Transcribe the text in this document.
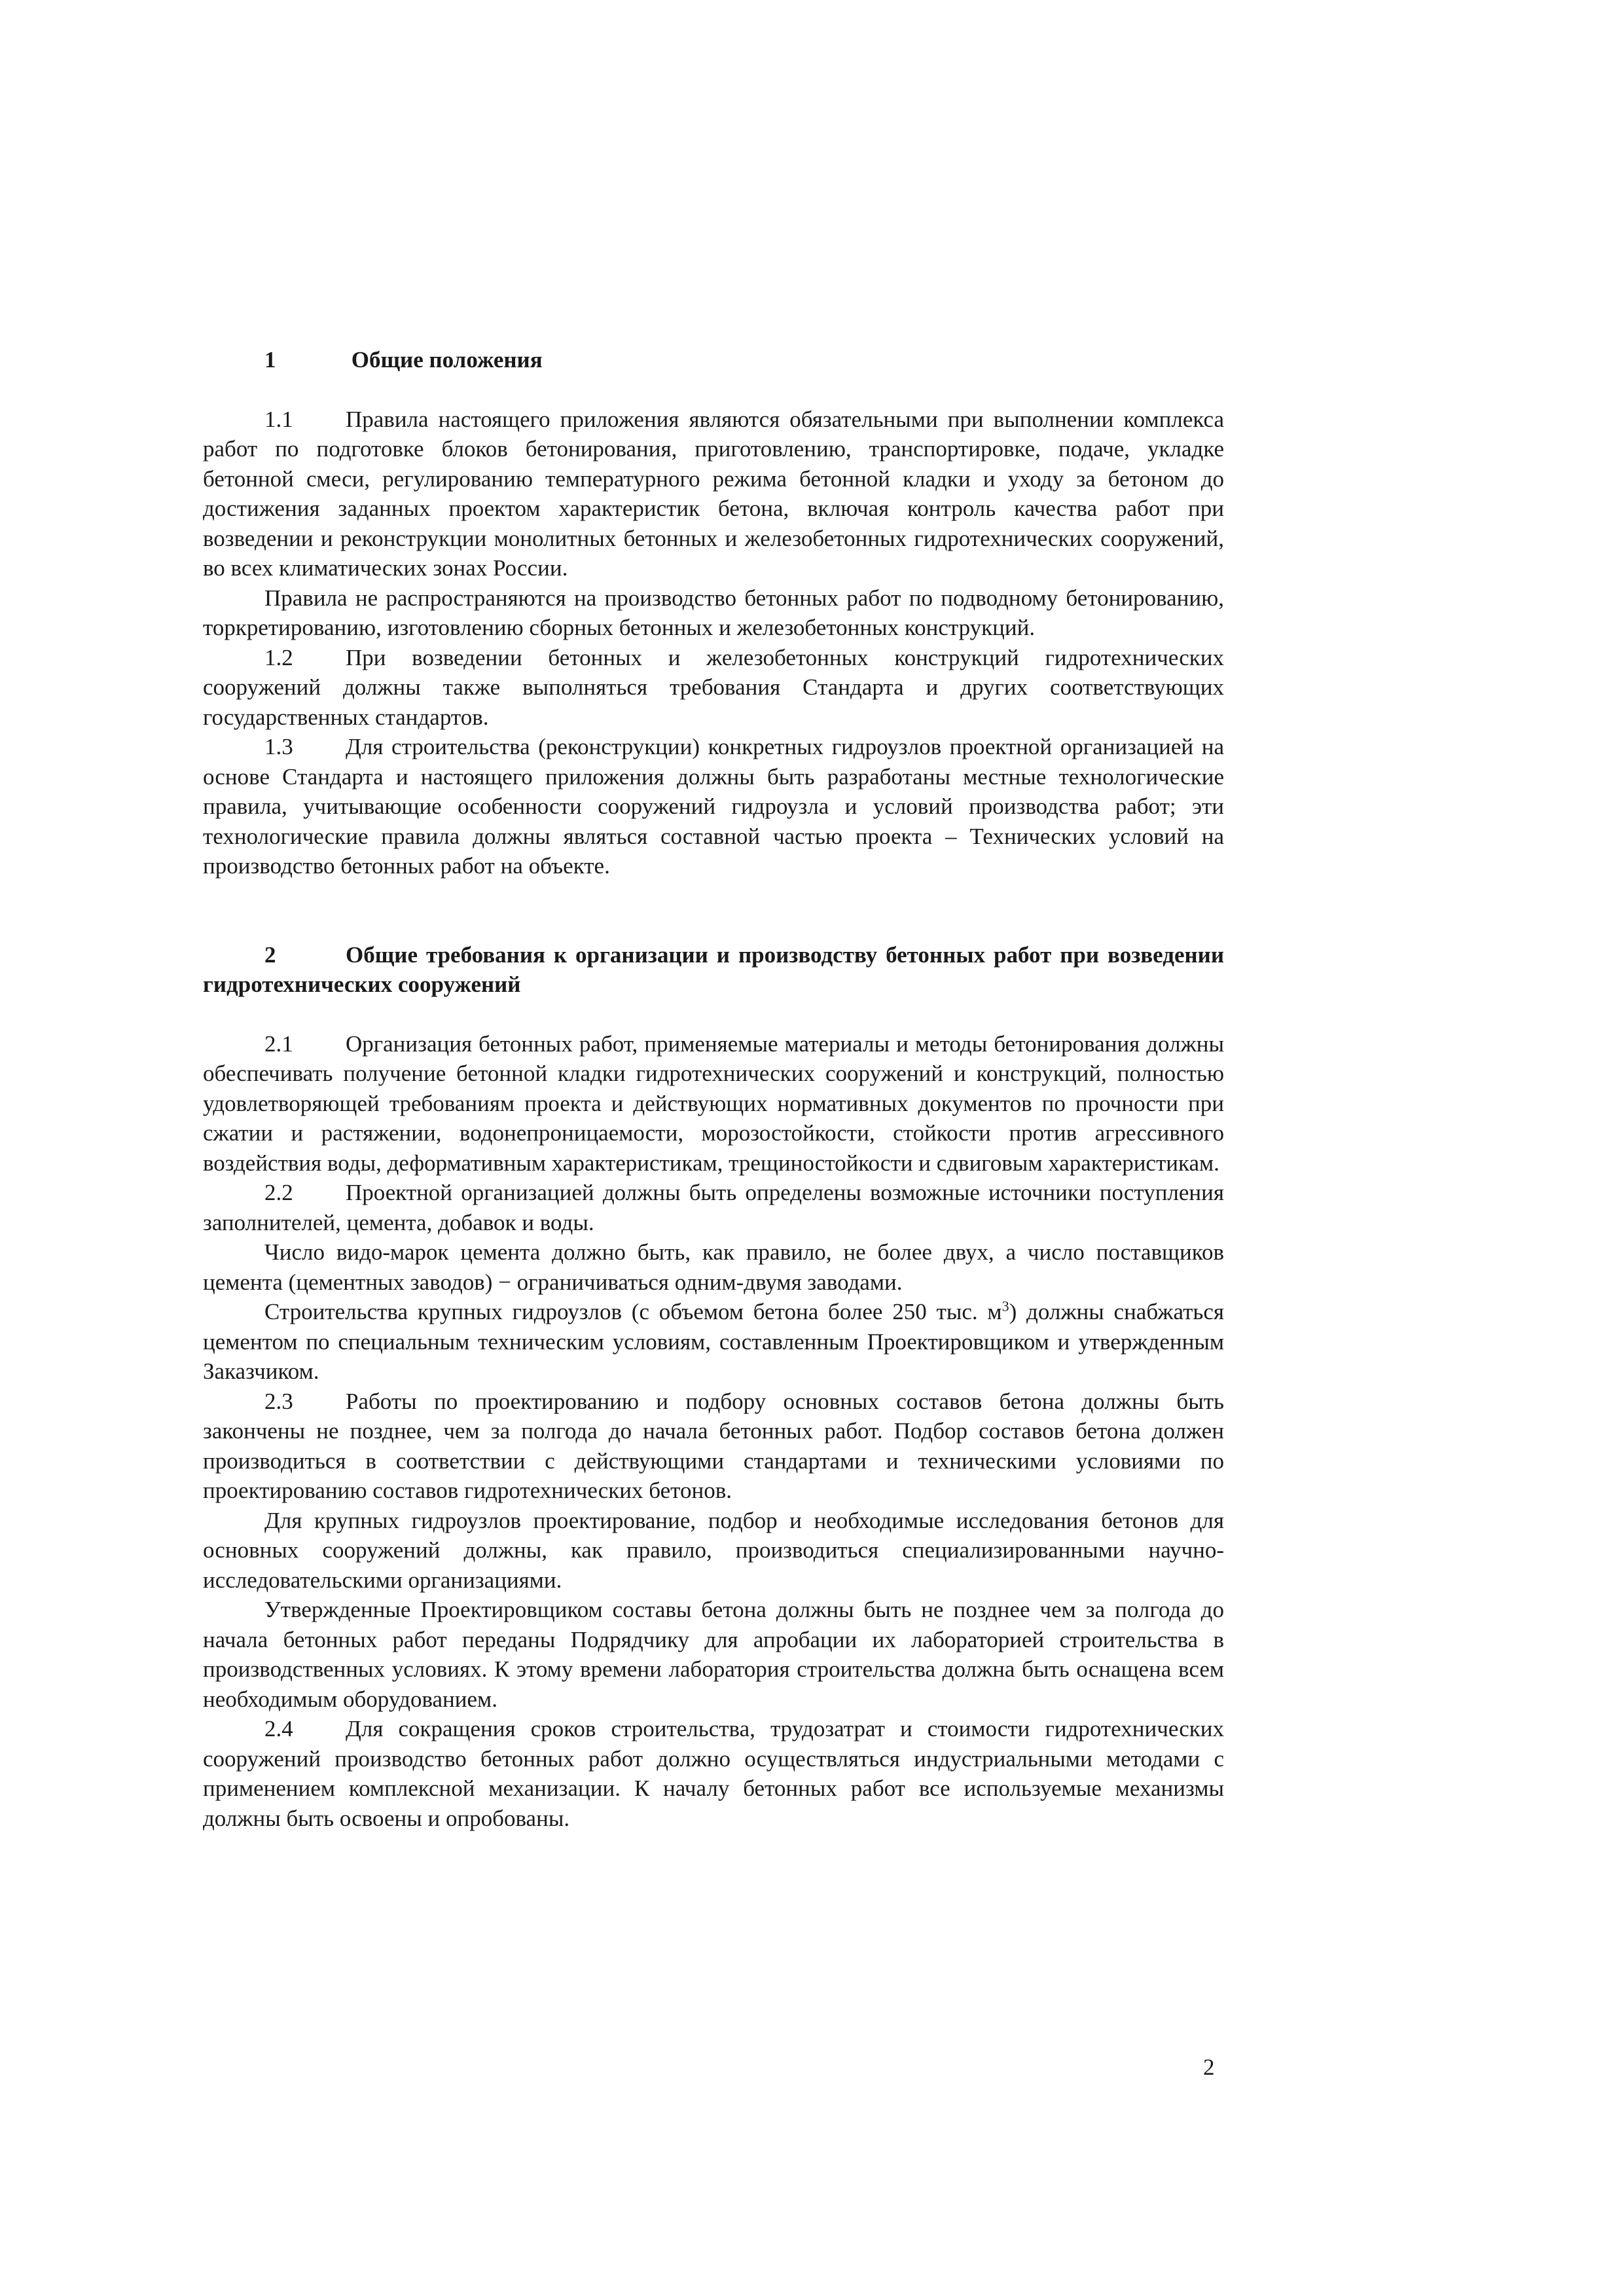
1	Общие положения

1.1 Правила настоящего приложения являются обязательными при выполнении комплекса работ по подготовке блоков бетонирования, приготовлению, транспортировке, подаче, укладке бетонной смеси, регулированию температурного режима бетонной кладки и уходу за бетоном до достижения заданных проектом характеристик бетона, включая контроль качества работ при возведении и реконструкции монолитных бетонных и железобетонных гидротехнических сооружений, во всех климатических зонах России.

Правила не распространяются на производство бетонных работ по подводному бетонированию, торкретированию, изготовлению сборных бетонных и железобетонных конструкций.

1.2 При возведении бетонных и железобетонных конструкций гидротехнических сооружений должны также выполняться требования Стандарта и других соответствующих государственных стандартов.

1.3 Для строительства (реконструкции) конкретных гидроузлов проектной организацией на основе Стандарта и настоящего приложения должны быть разработаны местные технологические правила, учитывающие особенности сооружений гидроузла и условий производства работ; эти технологические правила должны являться составной частью проекта – Технических условий на производство бетонных работ на объекте.

2	Общие требования к организации и производству бетонных работ при возведении гидротехнических сооружений

2.1 Организация бетонных работ, применяемые материалы и методы бетонирования должны обеспечивать получение бетонной кладки гидротехнических сооружений и конструкций, полностью удовлетворяющей требованиям проекта и действующих нормативных документов по прочности при сжатии и растяжении, водонепроницаемости, морозостойкости, стойкости против агрессивного воздействия воды, деформативным характеристикам, трещиностойкости и сдвиговым характеристикам.

2.2 Проектной организацией должны быть определены возможные источники поступления заполнителей, цемента, добавок и воды.

Число видо-марок цемента должно быть, как правило, не более двух, а число поставщиков цемента (цементных заводов) − ограничиваться одним-двумя заводами.

Строительства крупных гидроузлов (с объемом бетона более 250 тыс. $м^3$) должны снабжаться цементом по специальным техническим условиям, составленным Проектировщиком и утвержденным Заказчиком.

2.3 Работы по проектированию и подбору основных составов бетона должны быть закончены не позднее, чем за полгода до начала бетонных работ. Подбор составов бетона должен производиться в соответствии с действующими стандартами и техническими условиями по проектированию составов гидротехнических бетонов.

Для крупных гидроузлов проектирование, подбор и необходимые исследования бетонов для основных сооружений должны, как правило, производиться специализированными научно-исследовательскими организациями.

Утвержденные Проектировщиком составы бетона должны быть не позднее чем за полгода до начала бетонных работ переданы Подрядчику для апробации их лабораторией строительства в производственных условиях. К этому времени лаборатория строительства должна быть оснащена всем необходимым оборудованием.

2.4 Для сокращения сроков строительства, трудозатрат и стоимости гидротехнических сооружений производство бетонных работ должно осуществляться индустриальными методами с применением комплексной механизации. К началу бетонных работ все используемые механизмы должны быть освоены и опробованы.

2
